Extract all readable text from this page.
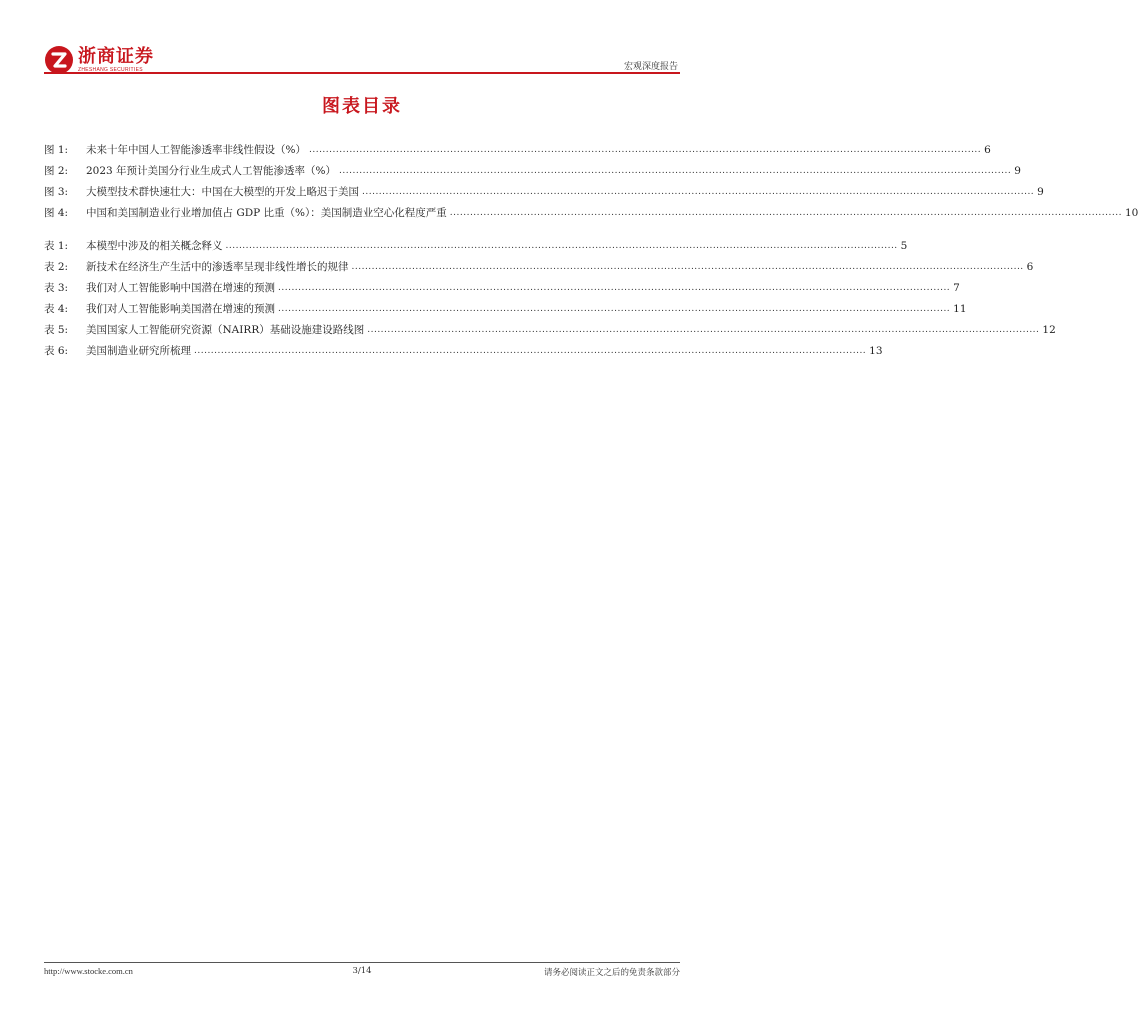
浙商证券
ZHESHANG SECURITIES	宏观深度报告
图表目录
图 1:	未来十年中国人工智能渗透率非线性假设（%） ........................................................................................................................................................................................................ 6
图 2:	2023 年预计美国分行业生成式人工智能渗透率（%） ........................................................................................................................................................................................................ 9
图 3:	大模型技术群快速壮大：中国在大模型的开发上略迟于美国 ........................................................................................................................................................................................................ 9
图 4:	中国和美国制造业行业增加值占 GDP 比重（%）：美国制造业空心化程度严重 ........................................................................................................................................................................................................ 10
表 1:	本模型中涉及的相关概念释义 ........................................................................................................................................................................................................ 5
表 2:	新技术在经济生产生活中的渗透率呈现非线性增长的规律 ........................................................................................................................................................................................................ 6
表 3:	我们对人工智能影响中国潜在增速的预测 ........................................................................................................................................................................................................ 7
表 4:	我们对人工智能影响美国潜在增速的预测 ........................................................................................................................................................................................................ 11
表 5:	美国国家人工智能研究资源（NAIRR）基础设施建设路线图 ........................................................................................................................................................................................................ 12
表 6:	美国制造业研究所梳理 ........................................................................................................................................................................................................ 13
http://www.stocke.com.cn	3/14	请务必阅读正文之后的免责条款部分
